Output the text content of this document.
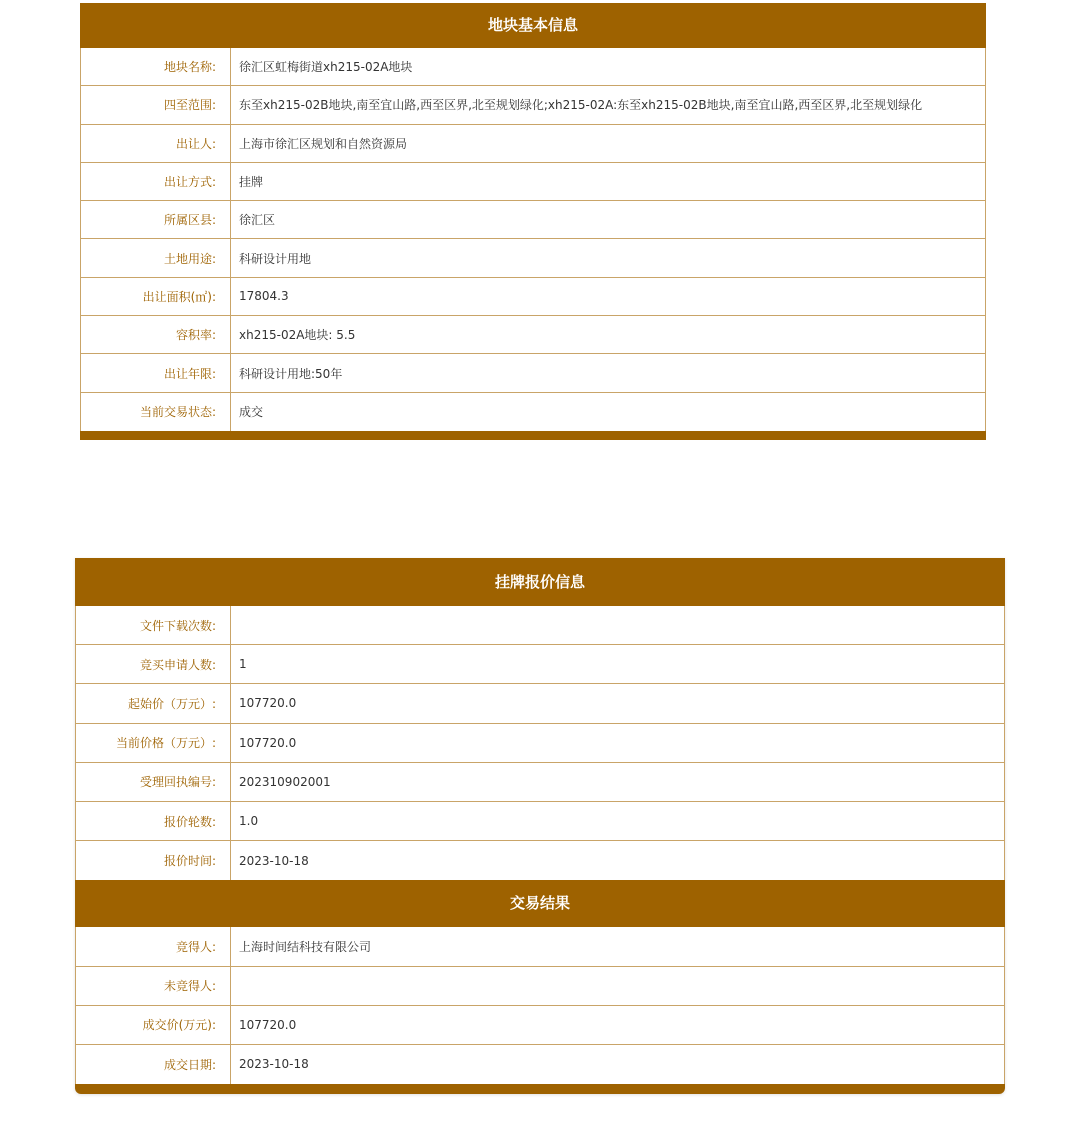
地块基本信息
地块名称:	徐汇区虹梅街道xh215-02A地块
四至范围:	东至xh215-02B地块,南至宜山路,西至区界,北至规划绿化;xh215-02A:东至xh215-02B地块,南至宜山路,西至区界,北至规划绿化
出让人:	上海市徐汇区规划和自然资源局
出让方式:	挂牌
所属区县:	徐汇区
土地用途:	科研设计用地
出让面积(㎡):	17804.3
容积率:	xh215-02A地块: 5.5
出让年限:	科研设计用地:50年
当前交易状态:	成交
挂牌报价信息
文件下载次数:
竞买申请人数:	1
起始价（万元）:	107720.0
当前价格（万元）:	107720.0
受理回执编号:	202310902001
报价轮数:	1.0
报价时间:	2023-10-18
交易结果
竞得人:	上海时间结科技有限公司
未竞得人:
成交价(万元):	107720.0
成交日期:	2023-10-18
